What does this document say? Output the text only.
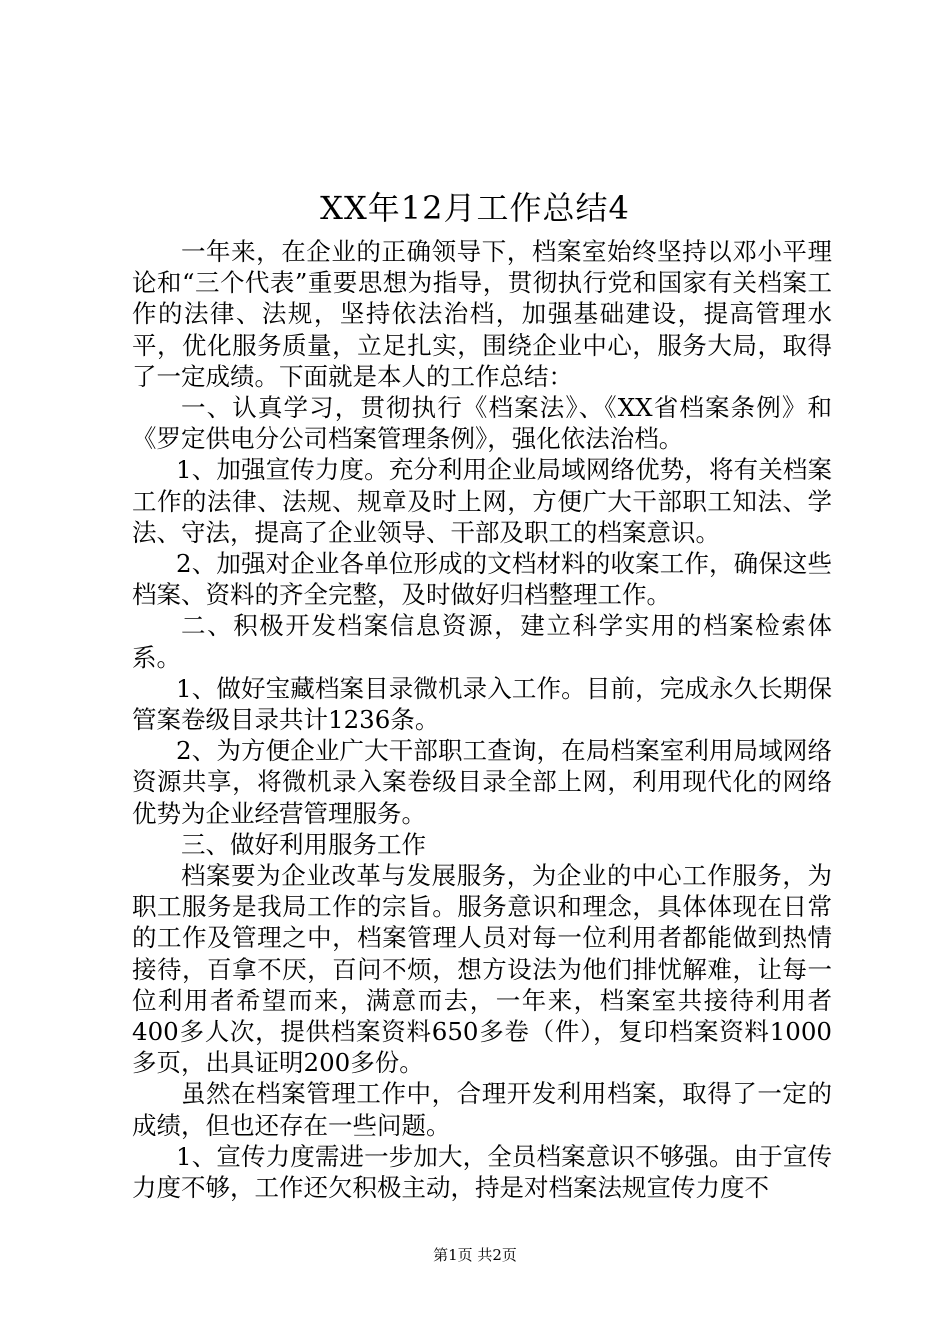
XX年12月工作总结4

一年来，在企业的正确领导下，档案室始终坚持以邓小平理论和“三个代表”重要思想为指导，贯彻执行党和国家有关档案工作的法律、法规，坚持依法治档，加强基础建设，提高管理水平，优化服务质量，立足扎实，围绕企业中心，服务大局，取得了一定成绩。下面就是本人的工作总结：

一、认真学习，贯彻执行《档案法》、《XX省档案条例》和《罗定供电分公司档案管理条例》，强化依法治档。

1、加强宣传力度。充分利用企业局域网络优势，将有关档案工作的法律、法规、规章及时上网，方便广大干部职工知法、学法、守法，提高了企业领导、干部及职工的档案意识。

2、加强对企业各单位形成的文档材料的收案工作，确保这些档案、资料的齐全完整，及时做好归档整理工作。

二、积极开发档案信息资源，建立科学实用的档案检索体系。

1、做好宝藏档案目录微机录入工作。目前，完成永久长期保管案卷级目录共计1236条。

2、为方便企业广大干部职工查询，在局档案室利用局域网络资源共享，将微机录入案卷级目录全部上网，利用现代化的网络优势为企业经营管理服务。

三、做好利用服务工作

档案要为企业改革与发展服务，为企业的中心工作服务，为职工服务是我局工作的宗旨。服务意识和理念，具体体现在日常的工作及管理之中，档案管理人员对每一位利用者都能做到热情接待，百拿不厌，百问不烦，想方设法为他们排忧解难，让每一位利用者希望而来，满意而去，一年来，档案室共接待利用者400多人次，提供档案资料650多卷（件），复印档案资料1000多页，出具证明200多份。

虽然在档案管理工作中，合理开发利用档案，取得了一定的成绩，但也还存在一些问题。

1、宣传力度需进一步加大，全员档案意识不够强。由于宣传力度不够，工作还欠积极主动，持是对档案法规宣传力度不

第1页 共2页
